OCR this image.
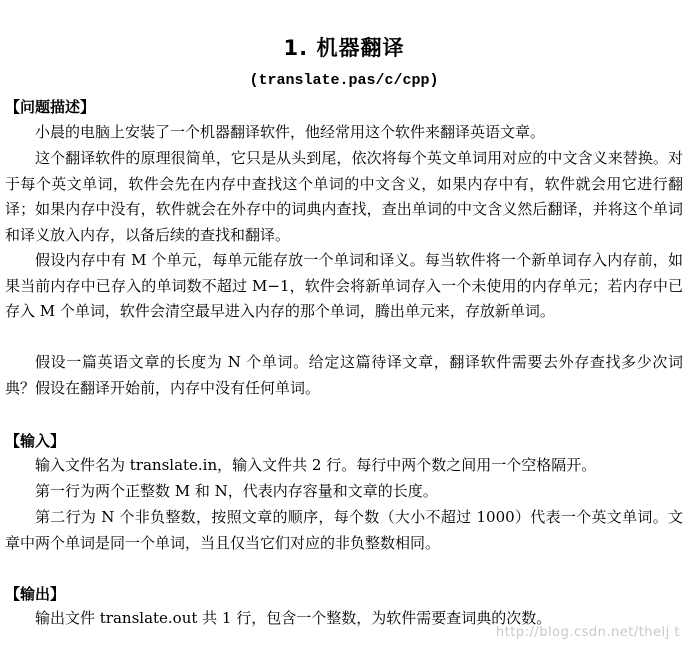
1. 机器翻译
(translate.pas/c/cpp)
【问题描述】

小晨的电脑上安装了一个机器翻译软件，他经常用这个软件来翻译英语文章。

这个翻译软件的原理很简单，它只是从头到尾，依次将每个英文单词用对应的中文含义来替换。对于每个英文单词，软件会先在内存中查找这个单词的中文含义，如果内存中有，软件就会用它进行翻译；如果内存中没有，软件就会在外存中的词典内查找，查出单词的中文含义然后翻译，并将这个单词和译义放入内存，以备后续的查找和翻译。

假设内存中有 M 个单元，每单元能存放一个单词和译义。每当软件将一个新单词存入内存前，如果当前内存中已存入的单词数不超过 M−1，软件会将新单词存入一个未使用的内存单元；若内存中已存入 M 个单词，软件会清空最早进入内存的那个单词，腾出单元来，存放新单词。

假设一篇英语文章的长度为 N 个单词。给定这篇待译文章，翻译软件需要去外存查找多少次词典？假设在翻译开始前，内存中没有任何单词。

【输入】

输入文件名为 translate.in，输入文件共 2 行。每行中两个数之间用一个空格隔开。

第一行为两个正整数 M 和 N，代表内存容量和文章的长度。

第二行为 N 个非负整数，按照文章的顺序，每个数（大小不超过 1000）代表一个英文单词。文章中两个单词是同一个单词，当且仅当它们对应的非负整数相同。

【输出】

输出文件 translate.out 共 1 行，包含一个整数，为软件需要查词典的次数。

http://blog.csdn.net/thelj t
